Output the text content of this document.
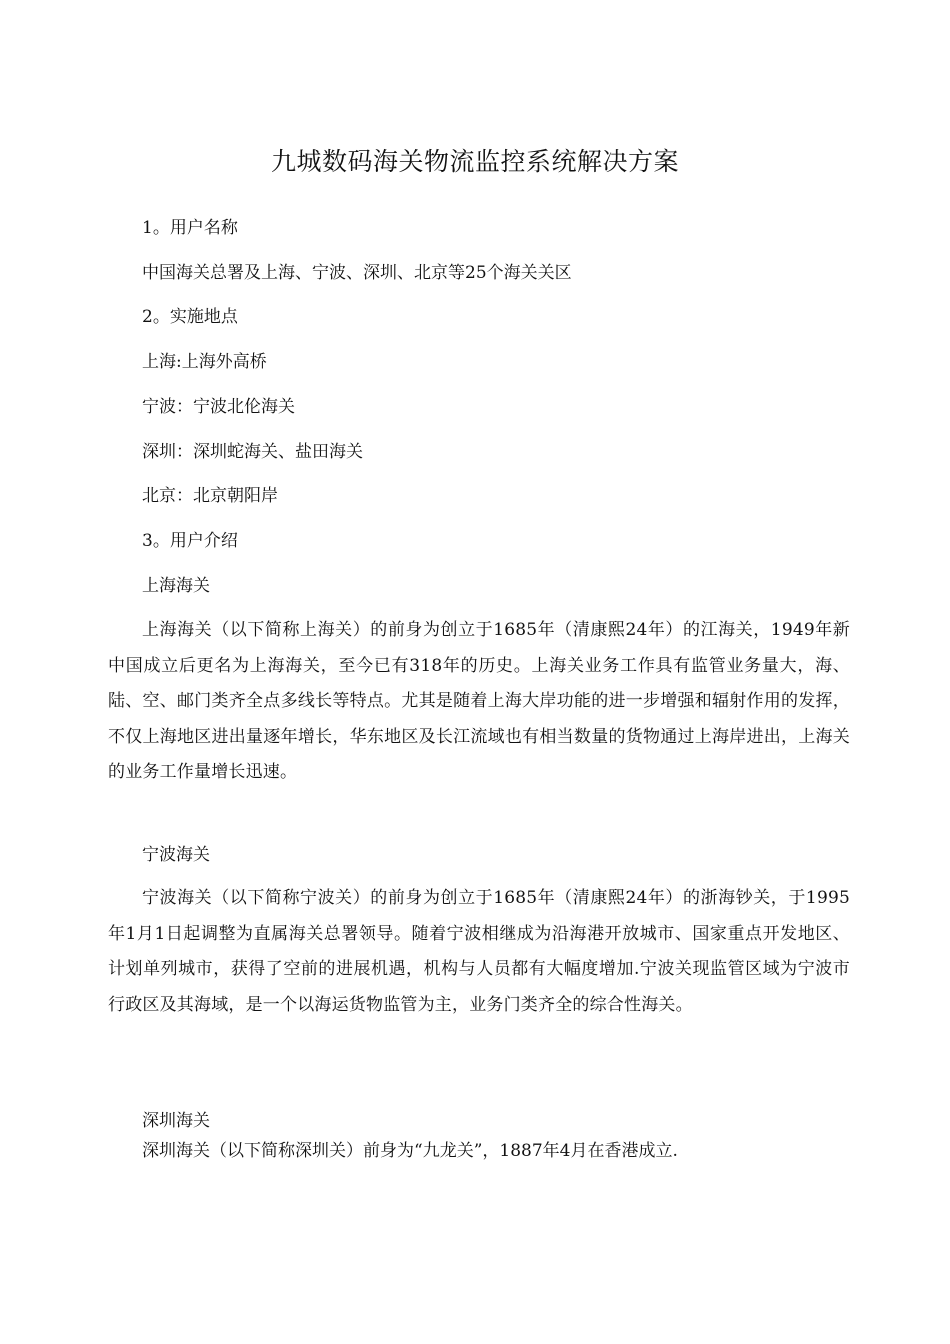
九城数码海关物流监控系统解决方案

1。用户名称

中国海关总署及上海、宁波、深圳、北京等25个海关关区

2。实施地点

上海:上海外高桥

宁波：宁波北伦海关

深圳：深圳蛇海关、盐田海关

北京：北京朝阳岸

3。用户介绍

上海海关

上海海关（以下简称上海关）的前身为创立于1685年（清康熙24年）的江海关，1949年新中国成立后更名为上海海关，至今已有318年的历史。上海关业务工作具有监管业务量大，海、陆、空、邮门类齐全点多线长等特点。尤其是随着上海大岸功能的进一步增强和辐射作用的发挥，不仅上海地区进出量逐年增长，华东地区及长江流域也有相当数量的货物通过上海岸进出，上海关的业务工作量增长迅速。

宁波海关

宁波海关（以下简称宁波关）的前身为创立于1685年（清康熙24年）的浙海钞关，于1995年1月1日起调整为直属海关总署领导。随着宁波相继成为沿海港开放城市、国家重点开发地区、计划单列城市，获得了空前的进展机遇，机构与人员都有大幅度增加.宁波关现监管区域为宁波市行政区及其海域，是一个以海运货物监管为主，业务门类齐全的综合性海关。

深圳海关

深圳海关（以下简称深圳关）前身为“九龙关”，1887年4月在香港成立.
